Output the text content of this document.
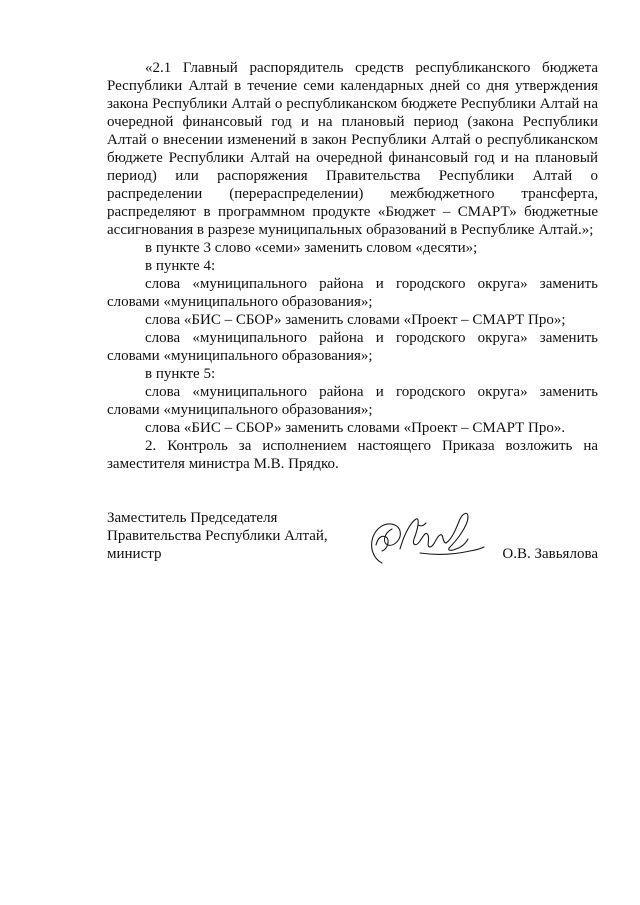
«2.1 Главный распорядитель средств республиканского бюджета Республики Алтай в течение семи календарных дней со дня утверждения закона Республики Алтай о республиканском бюджете Республики Алтай на очередной финансовый год и на плановый период (закона Республики Алтай о внесении изменений в закон Республики Алтай о республиканском бюджете Республики Алтай на очередной финансовый год и на плановый период) или распоряжения Правительства Республики Алтай о распределении (перераспределении) межбюджетного трансферта, распределяют в программном продукте «Бюджет – СМАРТ» бюджетные ассигнования в разрезе муниципальных образований в Республике Алтай.»;

в пункте 3 слово «семи» заменить словом «десяти»;

в пункте 4:

слова «муниципального района и городского округа» заменить словами «муниципального образования»;

слова «БИС – СБОР» заменить словами «Проект – СМАРТ Про»;

слова «муниципального района и городского округа» заменить словами «муниципального образования»;

в пункте 5:

слова «муниципального района и городского округа» заменить словами «муниципального образования»;

слова «БИС – СБОР» заменить словами «Проект – СМАРТ Про».

2. Контроль за исполнением настоящего Приказа возложить на заместителя министра М.В. Прядко.

Заместитель Председателя
Правительства Республики Алтай,
министр	О.В. Завьялова
